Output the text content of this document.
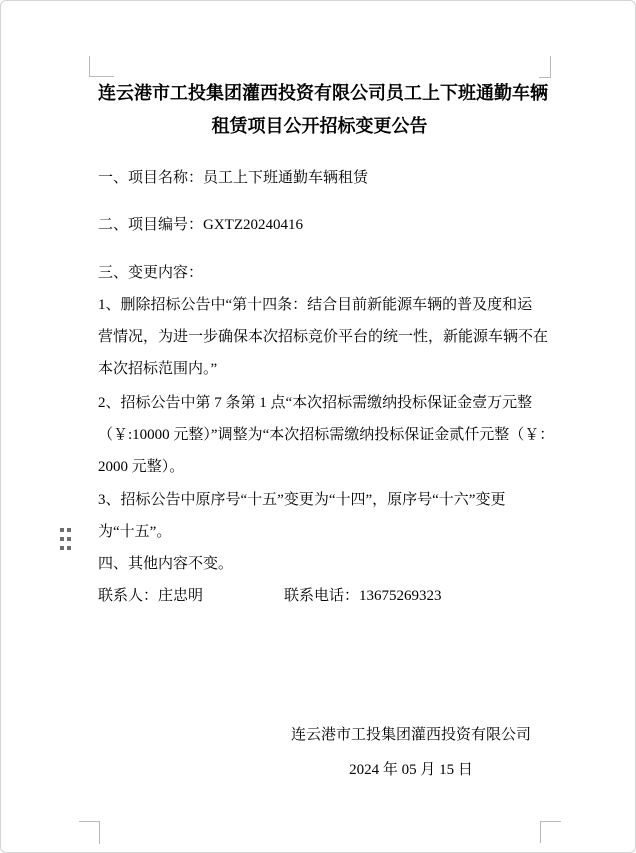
连云港市工投集团灌西投资有限公司员工上下班通勤车辆
租赁项目公开招标变更公告

一、项目名称：员工上下班通勤车辆租赁

二、项目编号：GXTZ20240416

三、变更内容：

1、删除招标公告中“第十四条：结合目前新能源车辆的普及度和运
营情况，为进一步确保本次招标竞价平台的统一性，新能源车辆不在
本次招标范围内。”

2、招标公告中第 7 条第 1 点“本次招标需缴纳投标保证金壹万元整
（￥:10000 元整）”调整为“本次招标需缴纳投标保证金贰仟元整（￥：
2000 元整）。

3、招标公告中原序号“十五”变更为“十四”，原序号“十六”变更
为“十五”。

四、其他内容不变。

联系人：庄忠明	联系电话：13675269323

连云港市工投集团灌西投资有限公司

2024 年 05 月 15 日
